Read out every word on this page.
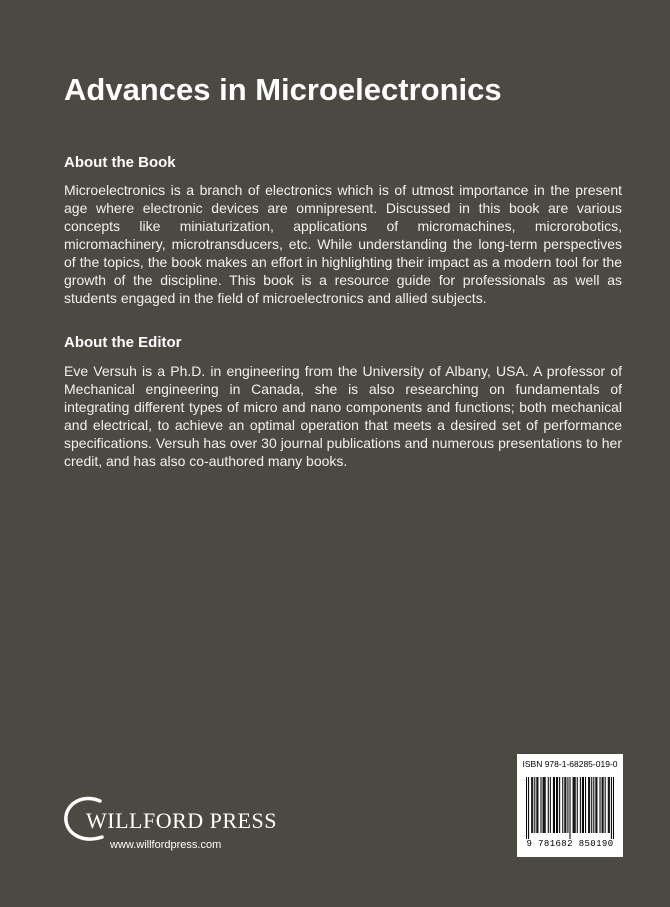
Advances in Microelectronics
About the Book

Microelectronics is a branch of electronics which is of utmost importance in the present age where electronic devices are omnipresent. Discussed in this book are various concepts like miniaturization, applications of micromachines, microrobotics, micromachinery, microtransducers, etc. While understanding the long-term perspectives of the topics, the book makes an effort in highlighting their impact as a modern tool for the growth of the discipline. This book is a resource guide for professionals as well as students engaged in the field of microelectronics and allied subjects.

About the Editor

Eve Versuh is a Ph.D. in engineering from the University of Albany, USA. A professor of Mechanical engineering in Canada, she is also researching on fundamentals of integrating different types of micro and nano components and functions; both mechanical and electrical, to achieve an optimal operation that meets a desired set of performance specifications. Versuh has over 30 journal publications and numerous presentations to her credit, and has also co-authored many books.

WILLFORD PRESS
www.willfordpress.com
ISBN 978-1-68285-019-0
9 781682 850190
